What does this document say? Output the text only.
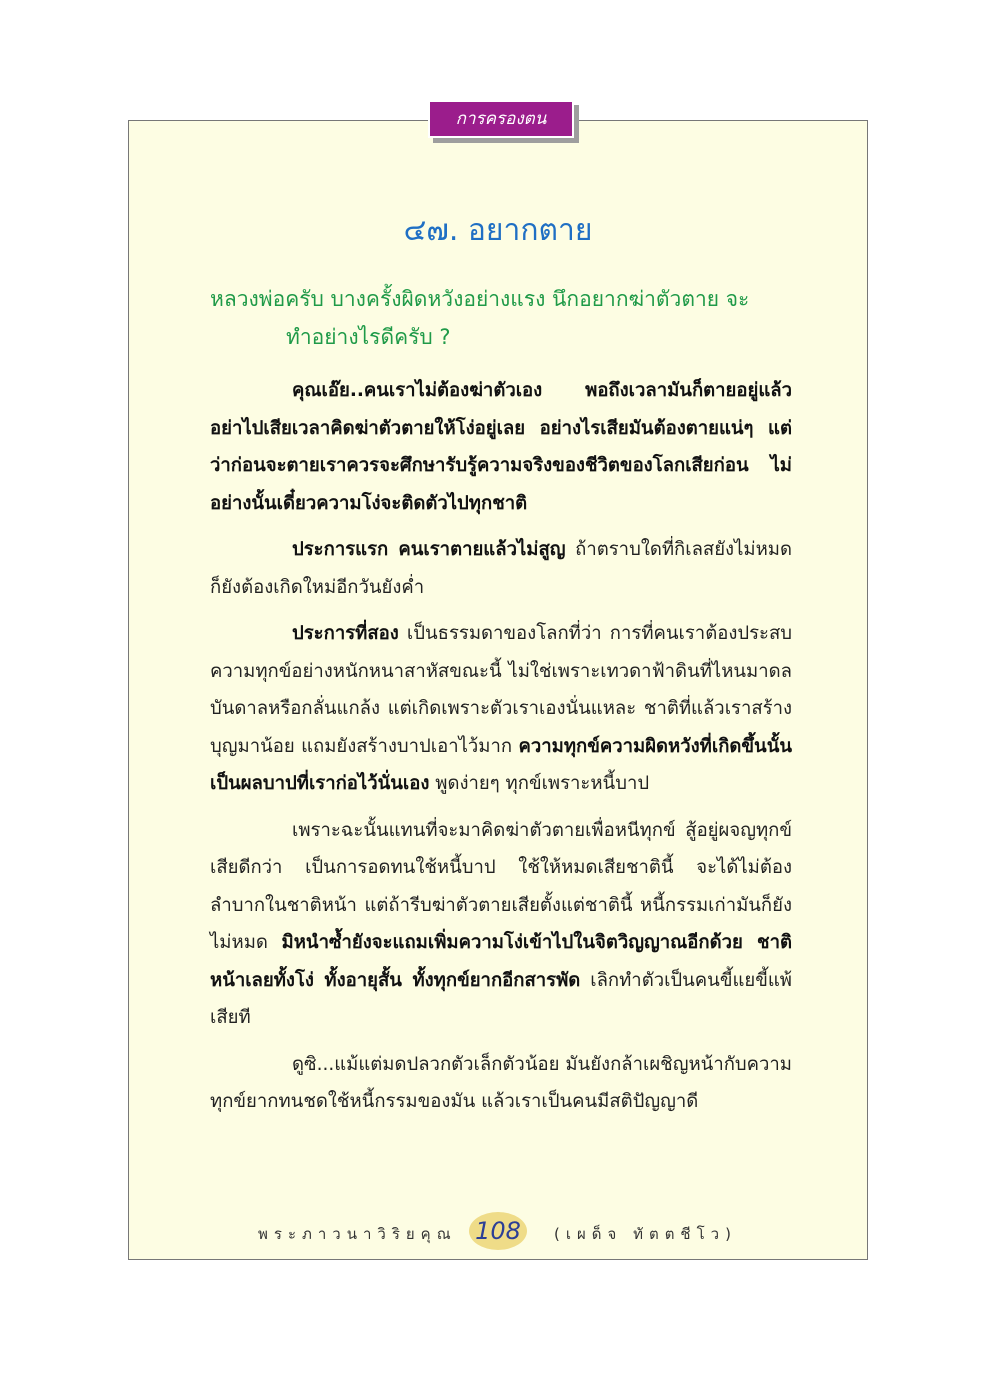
การครองตน
๔๗. อยากตาย
หลวงพ่อครับ บางครั้งผิดหวังอย่างแรง นึกอยากฆ่าตัวตาย จะ
ทำอย่างไรดีครับ ?

คุณเอ๊ย..คนเราไม่ต้องฆ่าตัวเอง พอถึงเวลามันก็ตายอยู่แล้ว อย่าไปเสียเวลาคิดฆ่าตัวตายให้โง่อยู่เลย อย่างไรเสียมันต้องตายแน่ๆ แต่ว่าก่อนจะตายเราควรจะศึกษารับรู้ความจริงของชีวิตของโลกเสียก่อน ไม่อย่างนั้นเดี๋ยวความโง่จะติดตัวไปทุกชาติ

ประการแรก คนเราตายแล้วไม่สูญ ถ้าตราบใดที่กิเลสยังไม่หมดก็ยังต้องเกิดใหม่อีกวันยังค่ำ

ประการที่สอง เป็นธรรมดาของโลกที่ว่า การที่คนเราต้องประสบความทุกข์อย่างหนักหนาสาหัสขณะนี้ ไม่ใช่เพราะเทวดาฟ้าดินที่ไหนมาดลบันดาลหรือกลั่นแกล้ง แต่เกิดเพราะตัวเราเองนั่นแหละ ชาติที่แล้วเราสร้างบุญมาน้อย แถมยังสร้างบาปเอาไว้มาก ความทุกข์ความผิดหวังที่เกิดขึ้นนั้น เป็นผลบาปที่เราก่อไว้นั่นเอง พูดง่ายๆ ทุกข์เพราะหนี้บาป

เพราะฉะนั้นแทนที่จะมาคิดฆ่าตัวตายเพื่อหนีทุกข์ สู้อยู่ผจญทุกข์เสียดีกว่า เป็นการอดทนใช้หนี้บาป ใช้ให้หมดเสียชาตินี้ จะได้ไม่ต้องลำบากในชาติหน้า แต่ถ้ารีบฆ่าตัวตายเสียตั้งแต่ชาตินี้ หนี้กรรมเก่ามันก็ยังไม่หมด มิหนำซ้ำยังจะแถมเพิ่มความโง่เข้าไปในจิตวิญญาณอีกด้วย ชาติหน้าเลยทั้งโง่ ทั้งอายุสั้น ทั้งทุกข์ยากอีกสารพัด เลิกทำตัวเป็นคนขี้แยขี้แพ้เสียที

ดูซิ...แม้แต่มดปลวกตัวเล็กตัวน้อย มันยังกล้าเผชิญหน้ากับความทุกข์ยากทนชดใช้หนี้กรรมของมัน แล้วเราเป็นคนมีสติปัญญาดี

พระภาวนาวิริยคุณ 108	(เผด็จ ทัตตชีโว)
